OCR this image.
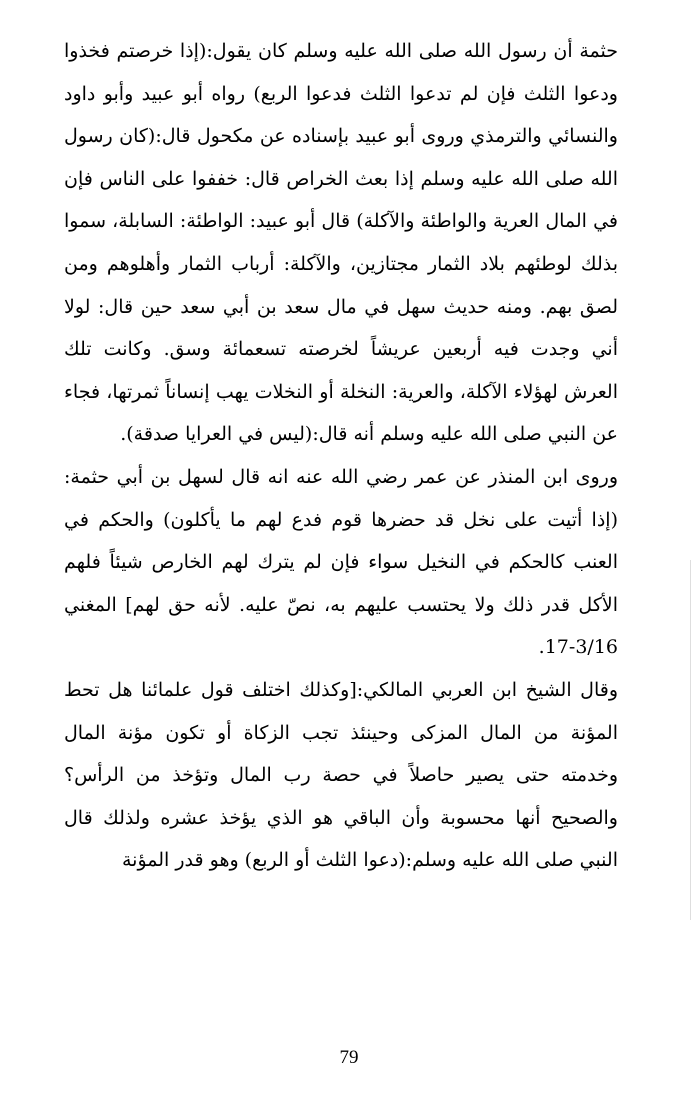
حثمة أن رسول الله صلى الله عليه وسلم كان يقول:(إذا خرصتم فخذوا ودعوا الثلث فإن لم تدعوا الثلث فدعوا الربع) رواه أبو عبيد وأبو داود والنسائي والترمذي وروى أبو عبيد بإسناده عن مكحول قال:(كان رسول الله صلى الله عليه وسلم إذا بعث الخراص قال: خففوا على الناس فإن في المال العرية والواطئة والآكلة) قال أبو عبيد: الواطئة: السابلة، سموا بذلك لوطئهم بلاد الثمار مجتازين، والآكلة: أرباب الثمار وأهلوهم ومن لصق بهم. ومنه حديث سهل في مال سعد بن أبي سعد حين قال: لولا أني وجدت فيه أربعين عريشاً لخرصته تسعمائة وسق. وكانت تلك العرش لهؤلاء الآكلة، والعرية: النخلة أو النخلات يهب إنساناً ثمرتها، فجاء عن النبي صلى الله عليه وسلم أنه قال:(ليس في العرايا صدقة).

وروى ابن المنذر عن عمر رضي الله عنه انه قال لسهل بن أبي حثمة:(إذا أتيت على نخل قد حضرها قوم فدع لهم ما يأكلون) والحكم في العنب كالحكم في النخيل سواء فإن لم يترك لهم الخارص شيئاً فلهم الأكل قدر ذلك ولا يحتسب عليهم به، نصّ عليه. لأنه حق لهم] المغني 3/16-17.

وقال الشيخ ابن العربي المالكي:[وكذلك اختلف قول علمائنا هل تحط المؤنة من المال المزكى وحينئذ تجب الزكاة أو تكون مؤنة المال وخدمته حتى يصير حاصلاً في حصة رب المال وتؤخذ من الرأس؟ والصحيح أنها محسوبة وأن الباقي هو الذي يؤخذ عشره ولذلك قال النبي صلى الله عليه وسلم:(دعوا الثلث أو الربع) وهو قدر المؤنة

79
